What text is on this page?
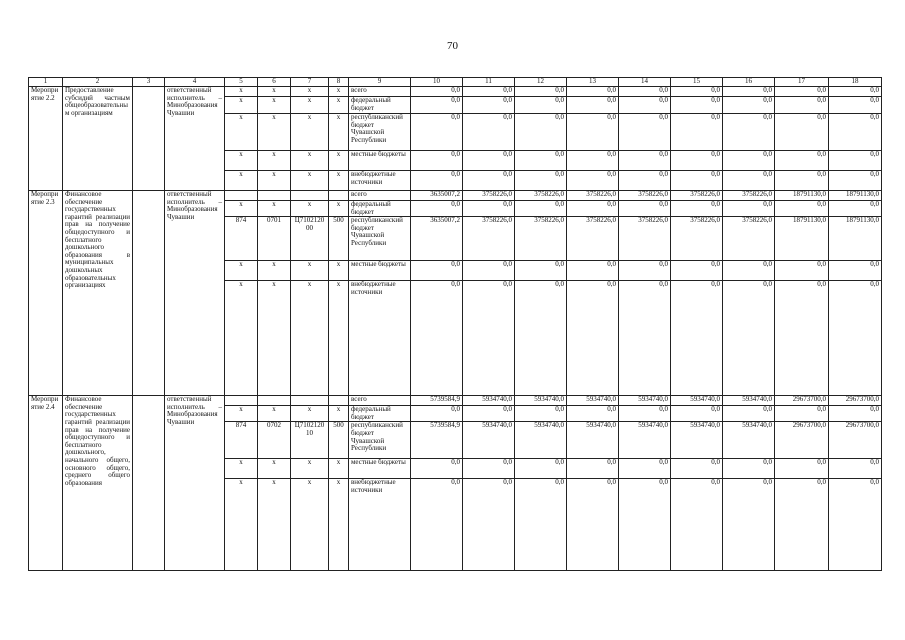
70
1	2	3	4	5	6	7	8	9	10	11	12	13	14	15	16	17	18
Мероприятие 2.2	Предоставление субсидий частным общеобразовательным организациям		ответственный исполнитель – Минобразования Чувашии	x	x	x	x	всего	0,0	0,0	0,0	0,0	0,0	0,0	0,0	0,0	0,0
				x	x	x	x	федеральный бюджет	0,0	0,0	0,0	0,0	0,0	0,0	0,0	0,0	0,0
				x	x	x	x	республиканский бюджет Чувашской Республики	0,0	0,0	0,0	0,0	0,0	0,0	0,0	0,0	0,0
				x	x	x	x	местные бюджеты	0,0	0,0	0,0	0,0	0,0	0,0	0,0	0,0	0,0
				x	x	x	x	внебюджетные источники	0,0	0,0	0,0	0,0	0,0	0,0	0,0	0,0	0,0
Мероприятие 2.3	Финансовое обеспечение государственных гарантий реализации прав на получение общедоступного и бесплатного дошкольного образования в муниципальных дошкольных образовательных организациях		ответственный исполнитель – Минобразования Чувашии					всего	3635007,2	3758226,0	3758226,0	3758226,0	3758226,0	3758226,0	3758226,0	18791130,0	18791130,0
				x	x	x	x	федеральный бюджет	0,0	0,0	0,0	0,0	0,0	0,0	0,0	0,0	0,0
				874	0701	Ц710212000	500	республиканский бюджет Чувашской Республики	3635007,2	3758226,0	3758226,0	3758226,0	3758226,0	3758226,0	3758226,0	18791130,0	18791130,0
				x	x	x	x	местные бюджеты	0,0	0,0	0,0	0,0	0,0	0,0	0,0	0,0	0,0
				x	x	x	x	внебюджетные источники	0,0	0,0	0,0	0,0	0,0	0,0	0,0	0,0	0,0
Мероприятие 2.4	Финансовое обеспечение государственных гарантий реализации прав на получение общедоступного и бесплатного дошкольного, начального общего, основного общего, среднего общего образования		ответственный исполнитель – Минобразования Чувашии					всего	5739584,9	5934740,0	5934740,0	5934740,0	5934740,0	5934740,0	5934740,0	29673700,0	29673700,0
				x	x	x	x	федеральный бюджет	0,0	0,0	0,0	0,0	0,0	0,0	0,0	0,0	0,0
				874	0702	Ц710212010	500	республиканский бюджет Чувашской Республики	5739584,9	5934740,0	5934740,0	5934740,0	5934740,0	5934740,0	5934740,0	29673700,0	29673700,0
				x	x	x	x	местные бюджеты	0,0	0,0	0,0	0,0	0,0	0,0	0,0	0,0	0,0
				x	x	x	x	внебюджетные источники	0,0	0,0	0,0	0,0	0,0	0,0	0,0	0,0	0,0
